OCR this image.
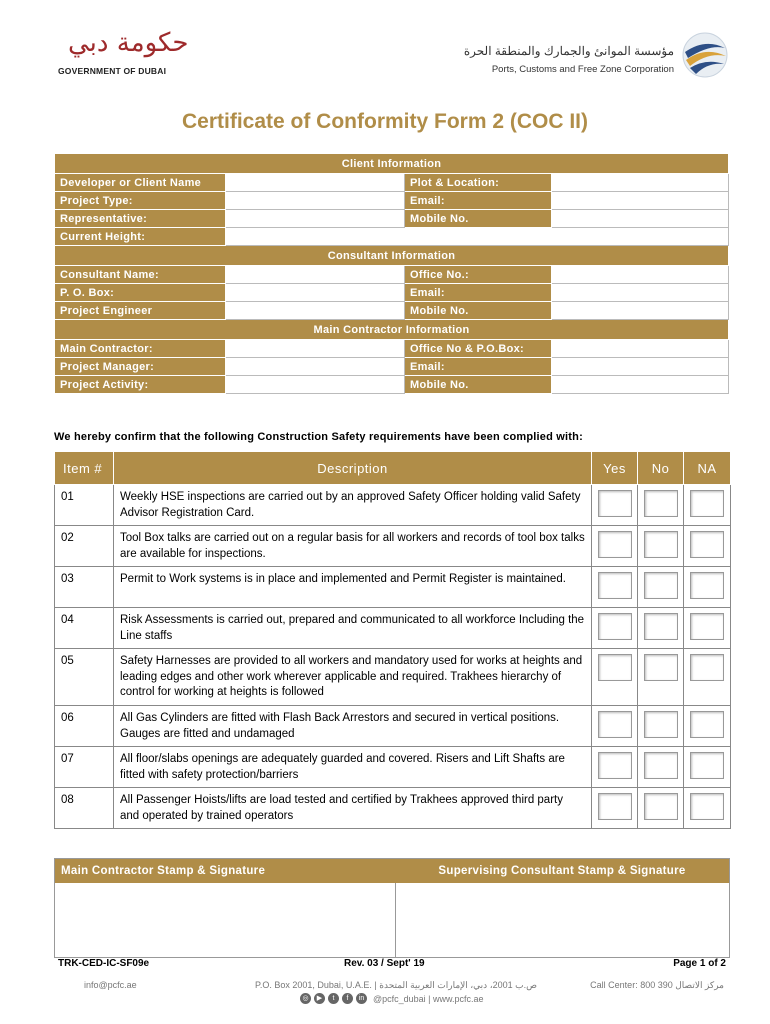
حكومة دبي
GOVERNMENT OF DUBAI
مؤسسة الموانئ والجمارك والمنطقة الحرة
Ports, Customs and Free Zone Corporation
Certificate of Conformity Form 2 (COC II)
Client Information			
Developer or Client Name		Plot & Location:	
Project Type:		Email:	
Representative:		Mobile No.	
Current Height:			
Consultant Information			
Consultant Name:		Office No.:	
P. O. Box:		Email:	
Project Engineer		Mobile No.	
Main Contractor Information			
Main Contractor:		Office No & P.O.Box:	
Project Manager:		Email:	
Project Activity:		Mobile No.	
We hereby confirm that the following Construction Safety requirements have been complied with:
Item #	Description	Yes	No	NA
01	Weekly HSE inspections are carried out by an approved Safety Officer holding valid Safety Advisor Registration Card.	

02	Tool Box talks are carried out on a regular basis for all workers and records of tool box talks are available for inspections.	

03	Permit to Work systems is in place and implemented and Permit Register is maintained.	

04	Risk Assessments is carried out, prepared and communicated to all workforce Including the Line staffs	

05	Safety Harnesses are provided to all workers and mandatory used for works at heights and leading edges and other work wherever applicable and required. Trakhees hierarchy of control for working at heights is followed	

06	All Gas Cylinders are fitted with Flash Back Arrestors and secured in vertical positions. Gauges are fitted and undamaged	

07	All floor/slabs openings are adequately guarded and covered. Risers and Lift Shafts are fitted with safety protection/barriers	

08	All Passenger Hoists/lifts are load tested and certified by Trakhees approved third party and operated by trained operators	

Main Contractor Stamp & Signature	Supervising Consultant Stamp & Signature
TRK-CED-IC-SF09e	Rev. 03 / Sept' 19	Page 1 of 2
info@pcfc.ae	P.O. Box 2001, Dubai, U.A.E. | ص.ب 2001، دبي، الإمارات العربية المتحدة	Call Center: 800 390 مركز الاتصال
◎	▶	t	f	in @pcfc_dubai | www.pcfc.ae
